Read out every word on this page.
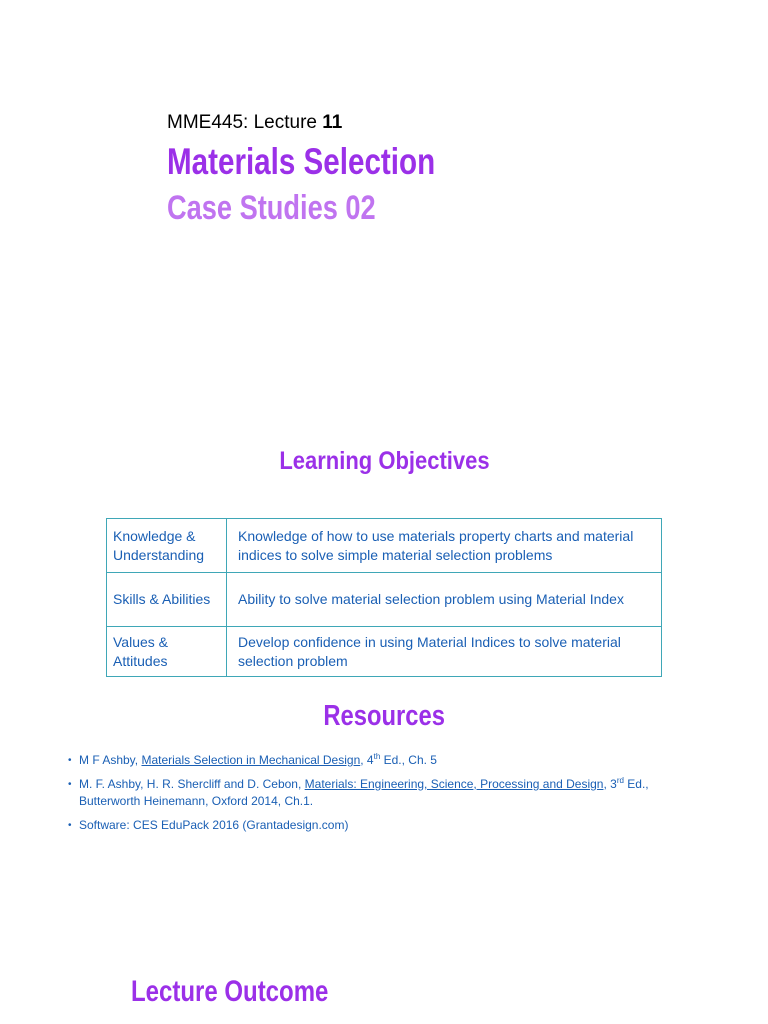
MME445: Lecture 11

Materials Selection
Case Studies 02
Learning Objectives
Knowledge & Understanding	Knowledge of how to use materials property charts and material indices to solve simple material selection problems
Skills & Abilities	Ability to solve material selection problem using Material Index
Values & Attitudes	Develop confidence in using Material Indices to solve material selection problem
Resources
• M F Ashby, Materials Selection in Mechanical Design, 4th Ed., Ch. 5
• M. F. Ashby, H. R. Shercliff and D. Cebon, Materials: Engineering, Science, Processing and Design, 3rd Ed., Butterworth Heinemann, Oxford 2014, Ch.1.
• Software: CES EduPack 2016 (Grantadesign.com)
Lecture Outcome
